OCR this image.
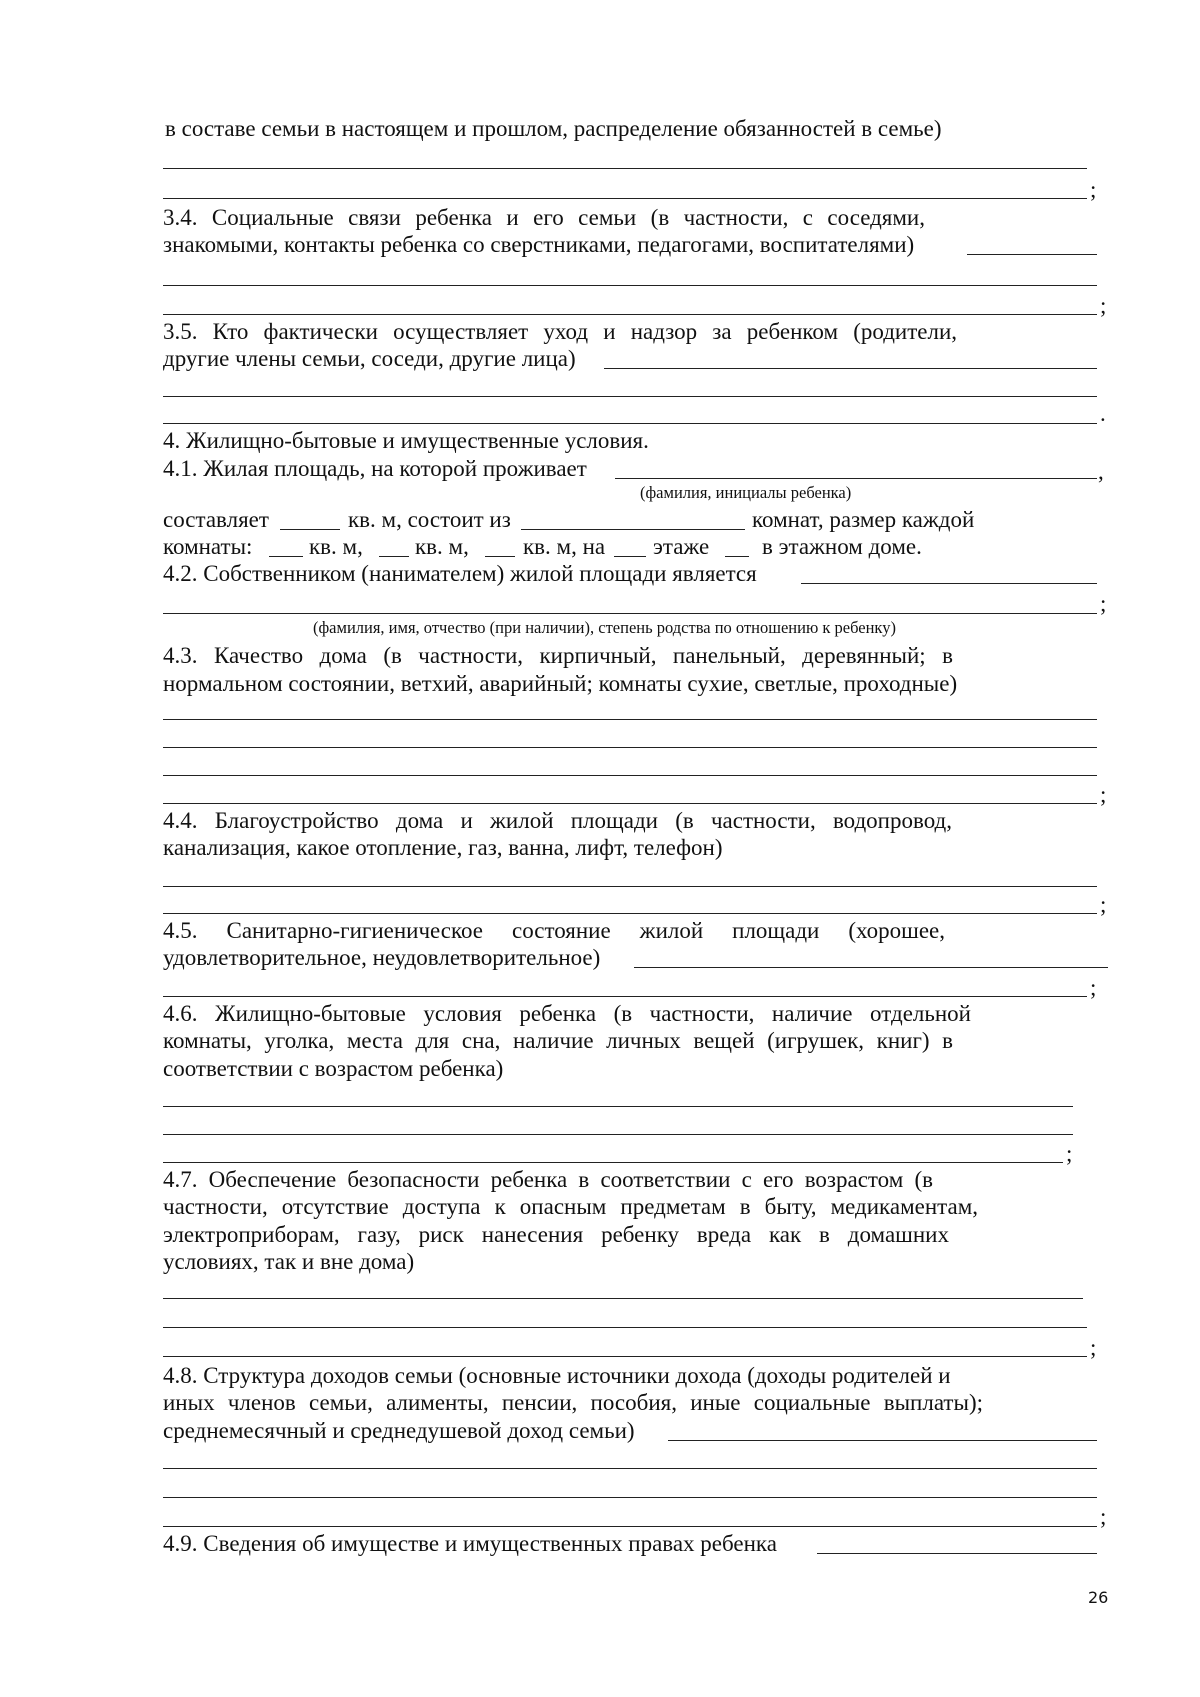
в составе семьи в настоящем и прошлом, распределение обязанностей в семье)
;
3.4. Социальные связи ребенка и его семьи (в частности, с соседями,
знакомыми, контакты ребенка со сверстниками, педагогами, воспитателями)
;
3.5. Кто фактически осуществляет уход и надзор за ребенком (родители,
другие члены семьи, соседи, другие лица)
.
4. Жилищно-бытовые и имущественные условия.
4.1. Жилая площадь, на которой проживает	,
(фамилия, инициалы ребенка)
составляет	кв. м, состоит из	комнат, размер каждой
комнаты: кв. м, кв. м, кв. м, на этаже в этажном доме.
4.2. Собственником (нанимателем) жилой площади является
;
(фамилия, имя, отчество (при наличии), степень родства по отношению к ребенку)
4.3. Качество дома (в частности, кирпичный, панельный, деревянный; в
нормальном состоянии, ветхий, аварийный; комнаты сухие, светлые, проходные)
;
4.4. Благоустройство дома и жилой площади (в частности, водопровод,
канализация, какое отопление, газ, ванна, лифт, телефон)
;
4.5. Санитарно-гигиеническое состояние жилой площади (хорошее,
удовлетворительное, неудовлетворительное)
;
4.6. Жилищно-бытовые условия ребенка (в частности, наличие отдельной
комнаты, уголка, места для сна, наличие личных вещей (игрушек, книг) в
соответствии с возрастом ребенка)
;
4.7. Обеспечение безопасности ребенка в соответствии с его возрастом (в
частности, отсутствие доступа к опасным предметам в быту, медикаментам,
электроприборам, газу, риск нанесения ребенку вреда как в домашних
условиях, так и вне дома)
;
4.8. Структура доходов семьи (основные источники дохода (доходы родителей и
иных членов семьи, алименты, пенсии, пособия, иные социальные выплаты);
среднемесячный и среднедушевой доход семьи)
;
4.9. Сведения об имуществе и имущественных правах ребенка
26
